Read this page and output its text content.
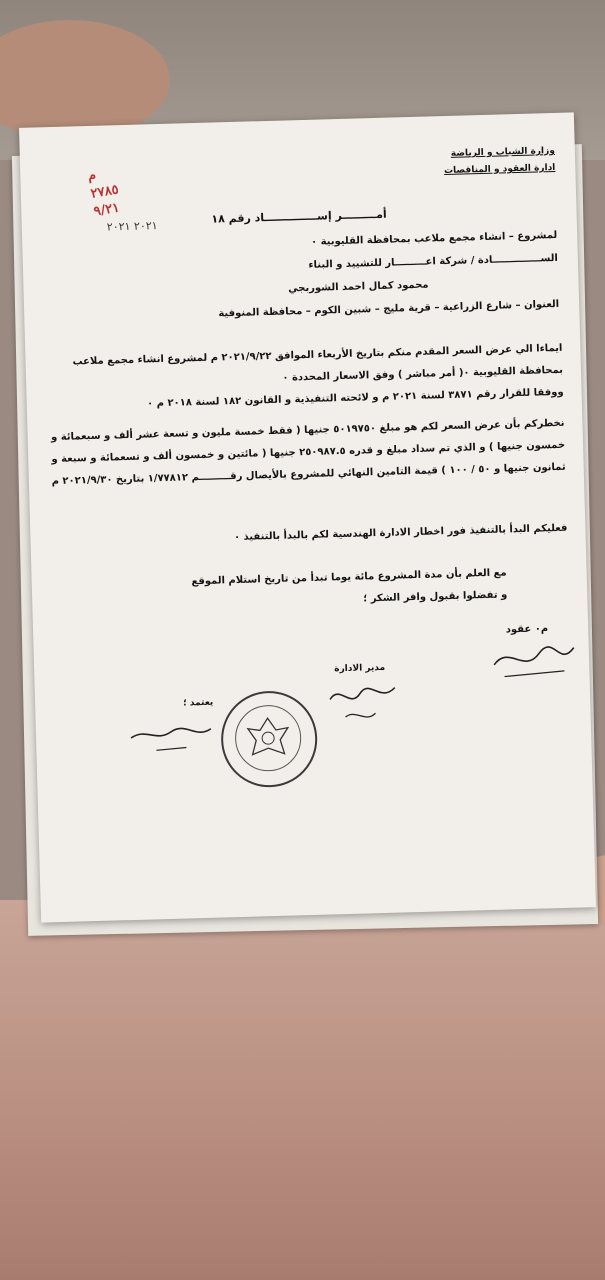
وزارة الشباب و الرياضة
ادارة العقود و المناقصات
م
٢٧٨٥
٩/٢١
٢٠٢١ ٢٠٢١
أمـــــــــر إســــــــــــــاد رقم ١٨
لمشروع – انشاء مجمع ملاعب بمحافظة القليوبية ٠
الســــــــــــــادة / شركة اعـــــــــار للتشييد و البناء
محمود كمال احمد الشوربجي
العنوان – شارع الزراعية – قرية مليج – شبين الكوم – محافظة المنوفية
ايماءا الي عرض السعر المقدم منكم بتاريخ الأربعاء الموافق ٢٠٢١/٩/٢٢ م لمشروع انشاء مجمع ملاعب بمحافظة القليوبية ٠( أمر مباشر ) وفق الاسعار المحددة ٠
ووفقا للقرار رقم ٣٨٧١ لسنة ٢٠٢١ م و لائحته التنفيذية و القانون ١٨٢ لسنة ٢٠١٨ م ٠
نخطركم بأن عرض السعر لكم هو مبلغ ٥٠١٩٧٥٠ جنيها ( فقط خمسة مليون و تسعة عشر ألف و سبعمائة و خمسون جنيها ) و الذي تم سداد مبلغ و قدره ٢٥٠٩٨٧.٥ جنيها ( مائتين و خمسون ألف و تسعمائة و سبعة و ثمانون جنيها و ٥٠ / ١٠٠ ) قيمة التامين النهائي للمشروع بالأيصال رقـــــــــم ١/٧٧٨١٢ بتاريخ ٢٠٢١/٩/٣٠ م
فعليكم البدأ بالتنفيذ فور اخطار الادارة الهندسية لكم بالبدأ بالتنفيذ ٠
مع العلم بأن مدة المشروع مائة يوما تبدأ من تاريخ استلام الموقع
و تفضلوا بقبول وافر الشكر ؛
م٠ عقود
مدير الادارة
يعتمد ؛
